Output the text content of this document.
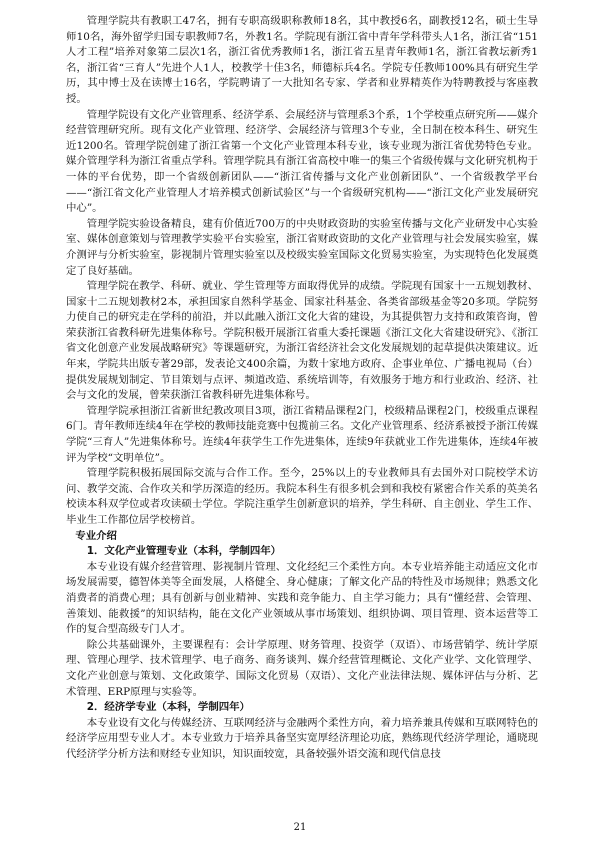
管理学院共有教职工47名，拥有专职高级职称教师18名，其中教授6名，副教授12名，硕士生导师10名，海外留学归国专职教师7名，外教1名。学院现有浙江省中青年学科带头人1名，浙江省“151人才工程”培养对象第二层次1名，浙江省优秀教师1名，浙江省五星青年教师1名，浙江省教坛新秀1名，浙江省“三育人”先进个人1人，校教学十佳3名，师德标兵4名。学院专任教师100%具有研究生学历，其中博士及在读博士16名，学院聘请了一大批知名专家、学者和业界精英作为特聘教授与客座教授。

管理学院设有文化产业管理系、经济学系、会展经济与管理系3个系，1个学校重点研究所——媒介经营管理研究所。现有文化产业管理、经济学、会展经济与管理3个专业，全日制在校本科生、研究生近1200名。管理学院创建了浙江省第一个文化产业管理本科专业，该专业现为浙江省优势特色专业。媒介管理学科为浙江省重点学科。管理学院具有浙江省高校中唯一的集三个省级传媒与文化研究机构于一体的平台优势，即一个省级创新团队——“浙江省传播与文化产业创新团队”、一个省级教学平台——“浙江省文化产业管理人才培养模式创新试验区”与一个省级研究机构——“浙江文化产业发展研究中心”。

管理学院实验设备精良，建有价值近700万的中央财政资助的实验室传播与文化产业研发中心实验室、媒体创意策划与管理教学实验平台实验室，浙江省财政资助的文化产业管理与社会发展实验室，媒介测评与分析实验室，影视制片管理实验室以及校级实验室国际文化贸易实验室，为实现特色化发展奠定了良好基础。

管理学院在教学、科研、就业、学生管理等方面取得优异的成绩。学院现有国家十一五规划教材、国家十二五规划教材2本，承担国家自然科学基金、国家社科基金、各类省部级基金等20多项。学院努力使自己的研究走在学科的前沿，并以此融入浙江文化大省的建设，为其提供智力支持和政策咨询，曾荣获浙江省教科研先进集体称号。学院积极开展浙江省重大委托课题《浙江文化大省建设研究》、《浙江省文化创意产业发展战略研究》等课题研究，为浙江省经济社会文化发展规划的起草提供决策建议。近年来，学院共出版专著29部，发表论文400余篇，为数十家地方政府、企事业单位、广播电视局（台）提供发展规划制定、节目策划与点评、频道改造、系统培训等，有效服务于地方和行业政治、经济、社会与文化的发展，曾荣获浙江省教科研先进集体称号。

管理学院承担浙江省新世纪教改项目3项，浙江省精品课程2门，校级精品课程2门，校级重点课程6门。青年教师连续4年在学校的教师技能竞赛中包揽前三名。文化产业管理系、经济系被授予浙江传媒学院“三育人”先进集体称号。连续4年获学生工作先进集体，连续9年获就业工作先进集体，连续4年被评为学校“文明单位”。

管理学院积极拓展国际交流与合作工作。至今，25%以上的专业教师具有去国外对口院校学术访问、教学交流、合作攻关和学历深造的经历。我院本科生有很多机会到和我校有紧密合作关系的英美名校读本科双学位或者攻读硕士学位。学院注重学生创新意识的培养，学生科研、自主创业、学生工作、毕业生工作都位居学校榜首。

专业介绍

1．文化产业管理专业（本科，学制四年）

本专业设有媒介经营管理、影视制片管理、文化经纪三个柔性方向。本专业培养能主动适应文化市场发展需要，德智体美等全面发展，人格健全、身心健康；了解文化产品的特性及市场规律；熟悉文化消费者的消费心理；具有创新与创业精神、实践和竞争能力、自主学习能力；具有“懂经营、会管理、善策划、能救援”的知识结构，能在文化产业领域从事市场策划、组织协调、项目管理、资本运营等工作的复合型高级专门人才。

除公共基础课外，主要课程有：会计学原理、财务管理、投资学（双语）、市场营销学、统计学原理、管理心理学、技术管理学、电子商务、商务谈判、媒介经营管理概论、文化产业学、文化管理学、文化产业创意与策划、文化政策学、国际文化贸易（双语）、文化产业法律法规、媒体评估与分析、艺术管理、ERP原理与实验等。

2．经济学专业（本科，学制四年）

本专业设有文化与传媒经济、互联网经济与金融两个柔性方向，着力培养兼具传媒和互联网特色的经济学应用型专业人才。本专业致力于培养具备坚实宽厚经济理论功底，熟练现代经济学理论，通晓现代经济学分析方法和财经专业知识，知识面较宽，具备较强外语交流和现代信息技

21
